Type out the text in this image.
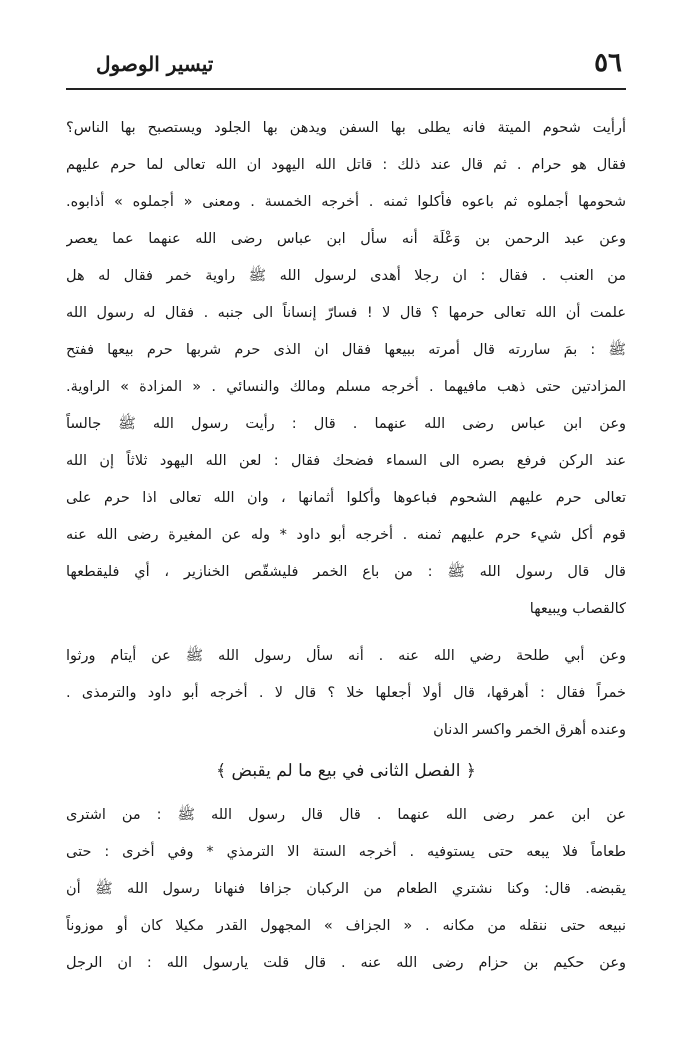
٥٦
تيسير الوصول
أرأيت شحوم الميتة فانه يطلى بها السفن ويدهن بها الجلود ويستصبح بها الناس؟
فقال هو حرام . ثم قال عند ذلك : قاتل الله اليهود ان الله تعالى لما حرم عليهم
شحومها أجملوه ثم باعوه فأكلوا ثمنه . أخرجه الخمسة . ومعنى « أجملوه » أذابوه.
وعن عبد الرحمن بن وَعْلَة أنه سأل ابن عباس رضى الله عنهما عما يعصر
من العنب . فقال : ان رجلا أهدى لرسول الله ﷺ راوية خمر فقال له هل
علمت أن الله تعالى حرمها ؟ قال لا ! فسارّ إنساناً الى جنبه . فقال له رسول الله
ﷺ : بمَ ساررته قال أمرته ببيعها فقال ان الذى حرم شربها حرم بيعها ففتح
المزادتين حتى ذهب مافيهما . أخرجه مسلم ومالك والنسائي . « المزادة » الراوية.
وعن ابن عباس رضى الله عنهما . قال : رأيت رسول الله ﷺ جالساً
عند الركن فرفع بصره الى السماء فضحك فقال : لعن الله اليهود ثلاثاً إن الله
تعالى حرم عليهم الشحوم فباعوها وأكلوا أثمانها ، وان الله تعالى اذا حرم على
قوم أكل شيء حرم عليهم ثمنه . أخرجه أبو داود * وله عن المغيرة رضى الله عنه
قال قال رسول الله ﷺ : من باع الخمر فليشقّص الخنازير ، أي فليقطعها
كالقصاب ويبيعها
وعن أبي طلحة رضي الله عنه . أنه سأل رسول الله ﷺ عن أيتام ورثوا
خمراً فقال : أهرقها، قال أولا أجعلها خلا ؟ قال لا . أخرجه أبو داود والترمذى .
وعنده أهرق الخمر واكسر الدنان
﴿ الفصل الثانى في بيع ما لم يقبض ﴾
عن ابن عمر رضى الله عنهما . قال قال رسول الله ﷺ : من اشترى
طعاماً فلا يبعه حتى يستوفيه . أخرجه الستة الا الترمذي * وفي أخرى : حتى
يقبضه. قال: وكنا نشتري الطعام من الركبان جزافا فنهانا رسول الله ﷺ أن
نبيعه حتى ننقله من مكانه . « الجزاف » المجهول القدر مكيلا كان أو موزوناً
وعن حكيم بن حزام رضى الله عنه . قال قلت يارسول الله : ان الرجل
